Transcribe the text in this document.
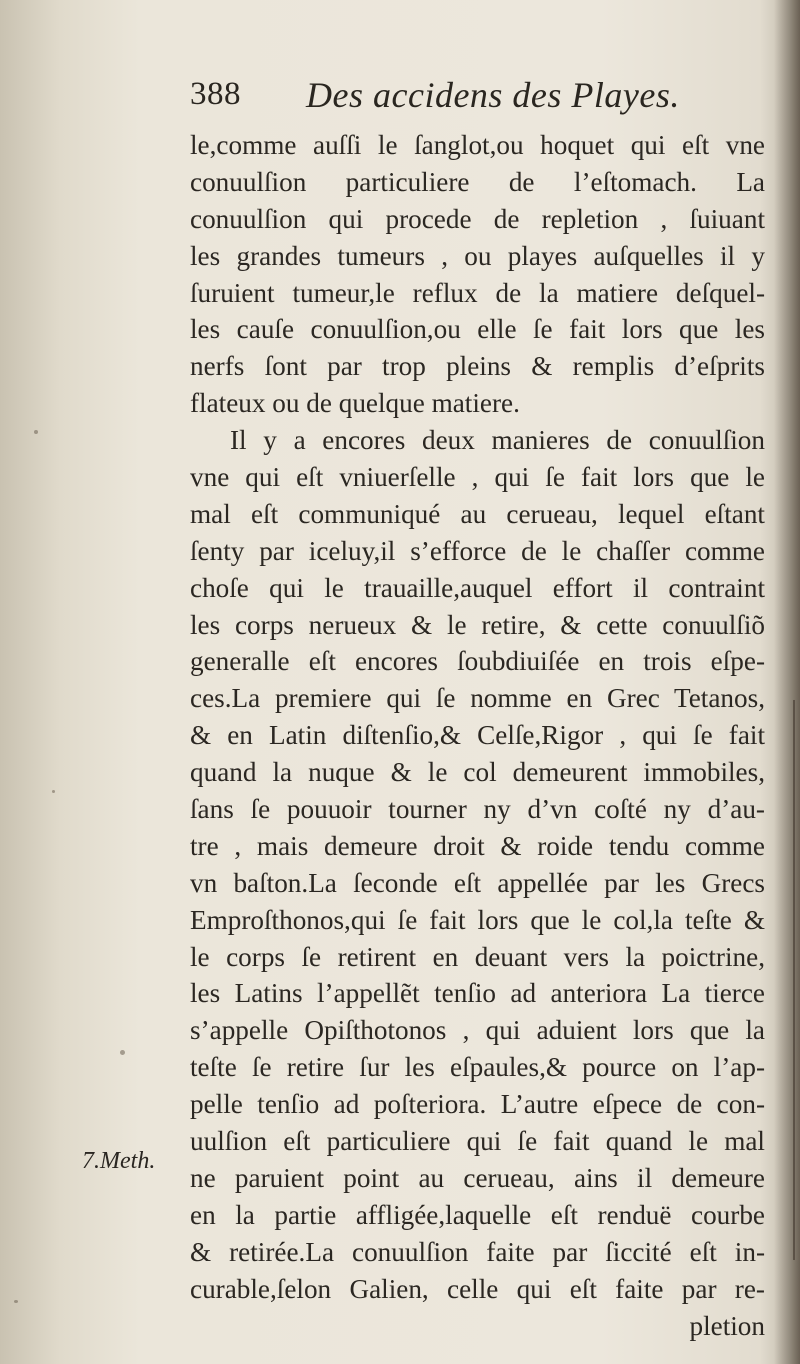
388 Des accidens des Playes.
le,comme auſſi le ſanglot,ou hoquet qui eſt vne
conuulſion particuliere de l’eſtomach. La
conuulſion qui procede de repletion , ſuiuant
les grandes tumeurs , ou playes auſquelles il y
ſuruient tumeur,le reflux de la matiere deſquel-
les cauſe conuulſion,ou elle ſe fait lors que les
nerfs ſont par trop pleins & remplis d’eſprits
flateux ou de quelque matiere.
Il y a encores deux manieres de conuulſion
vne qui eſt vniuerſelle , qui ſe fait lors que le
mal eſt communiqué au cerueau, lequel eſtant
ſenty par iceluy,il s’efforce de le chaſſer comme
choſe qui le trauaille,auquel effort il contraint
les corps nerueux & le retire, & cette conuulſiõ
generalle eſt encores ſoubdiuiſée en trois eſpe-
ces.La premiere qui ſe nomme en Grec Tetanos,
& en Latin diſtenſio,& Celſe,Rigor , qui ſe fait
quand la nuque & le col demeurent immobiles,
ſans ſe pouuoir tourner ny d’vn coſté ny d’au-
tre , mais demeure droit & roide tendu comme
vn baſton.La ſeconde eſt appellée par les Grecs
Emproſthonos,qui ſe fait lors que le col,la teſte &
le corps ſe retirent en deuant vers la poictrine,
les Latins l’appellẽt tenſio ad anteriora La tierce
s’appelle Opiſthotonos , qui aduient lors que la
teſte ſe retire ſur les eſpaules,& pource on l’ap-
pelle tenſio ad poſteriora. L’autre eſpece de con-
uulſion eſt particuliere qui ſe fait quand le mal
ne paruient point au cerueau, ains il demeure
en la partie affligée,laquelle eſt renduë courbe
& retirée.La conuulſion faite par ſiccité eſt in-
curable,ſelon Galien, celle qui eſt faite par re-
pletion
7.Meth.
